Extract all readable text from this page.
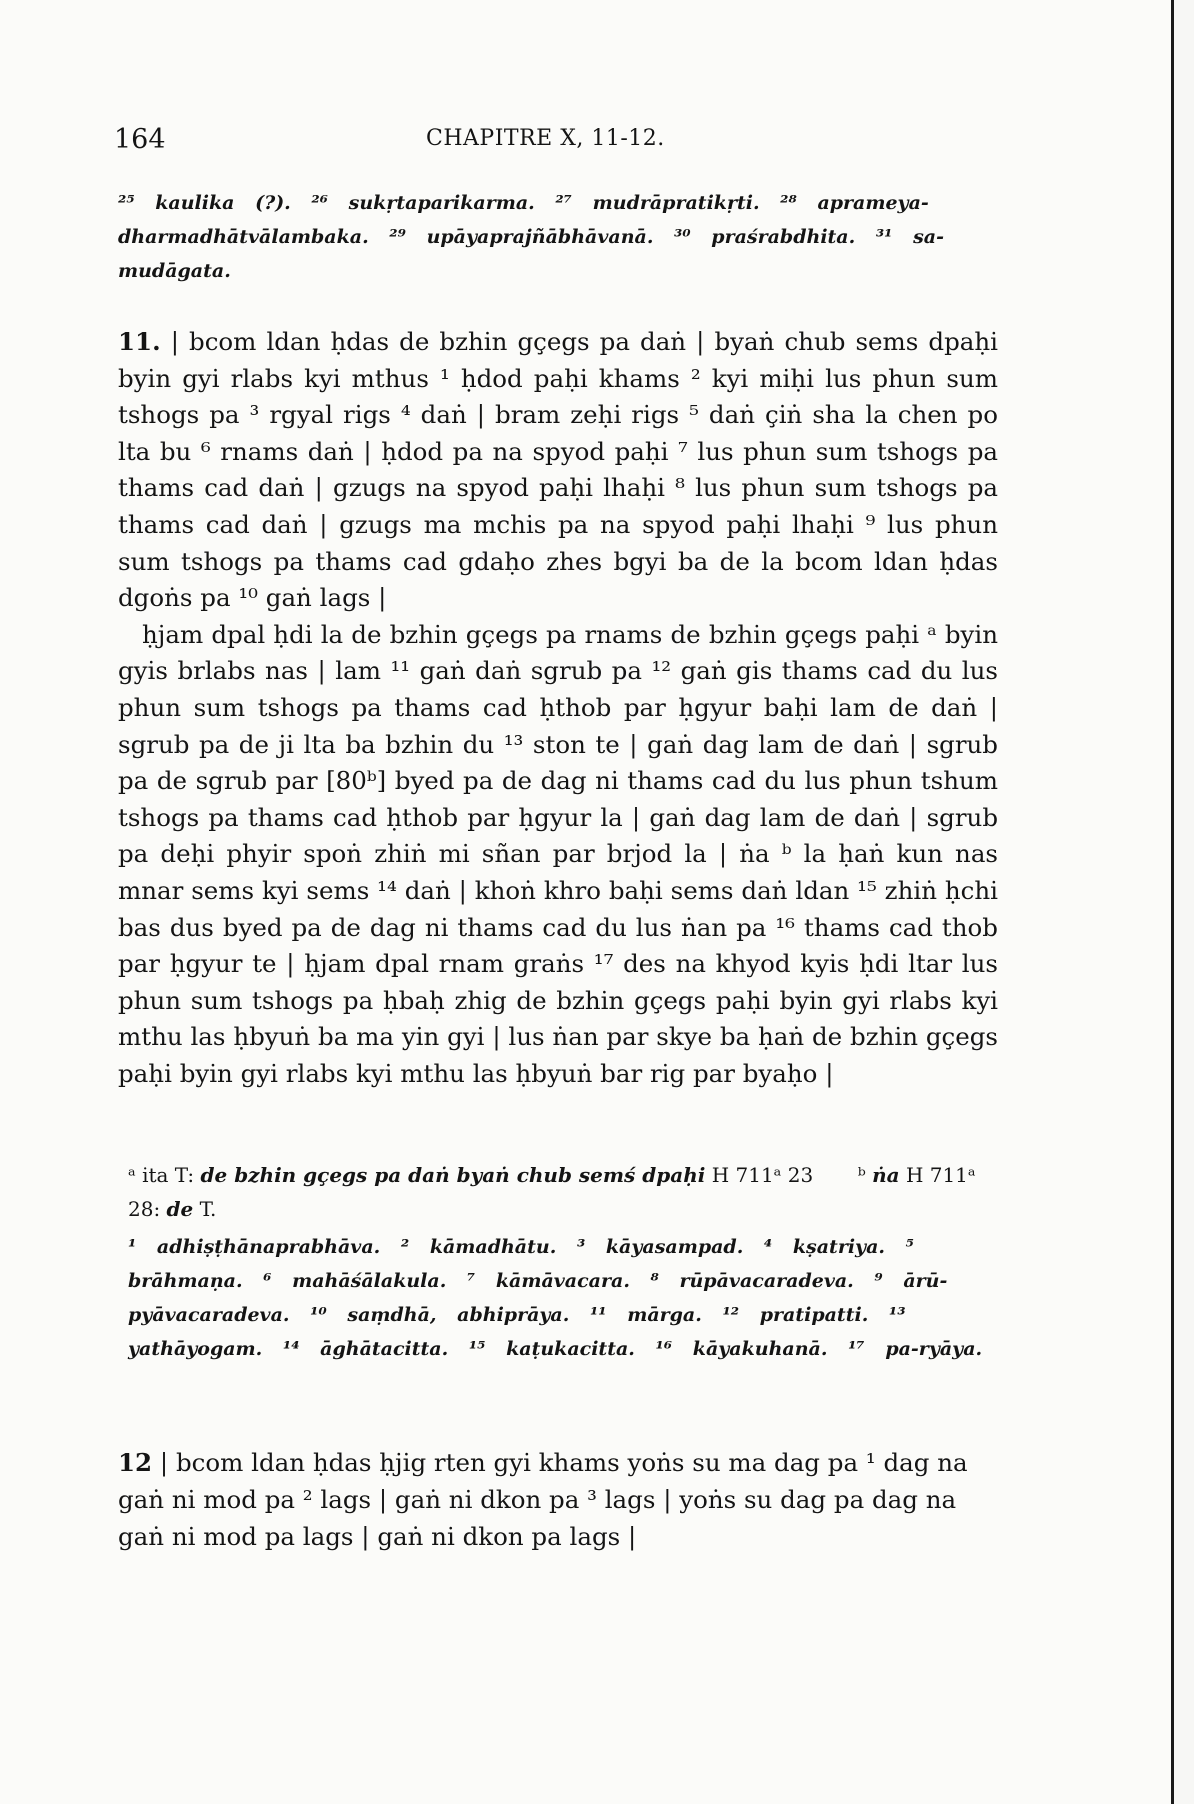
164	CHAPITRE X, 11-12.
²⁵ kaulika (?). ²⁶ sukṛtaparikarma. ²⁷ mudrāpratikṛti. ²⁸ aprameya-dharmadhātvālambaka. ²⁹ upāyaprajñābhāvanā. ³⁰ praśrabdhita. ³¹ sa-mudāgata.

11. | bcom ldan ḥdas de bzhin gçegs pa daṅ | byaṅ chub sems dpaḥi byin gyi rlabs kyi mthus ¹ ḥdod paḥi khams ² kyi miḥi lus phun sum tshogs pa ³ rgyal rigs ⁴ daṅ | bram zeḥi rigs ⁵ daṅ çiṅ sha la chen po lta bu ⁶ rnams daṅ | ḥdod pa na spyod paḥi ⁷ lus phun sum tshogs pa thams cad daṅ | gzugs na spyod paḥi lhaḥi ⁸ lus phun sum tshogs pa thams cad daṅ | gzugs ma mchis pa na spyod paḥi lhaḥi ⁹ lus phun sum tshogs pa thams cad gdaḥo zhes bgyi ba de la bcom ldan ḥdas dgoṅs pa ¹⁰ gaṅ lags |

ḥjam dpal ḥdi la de bzhin gçegs pa rnams de bzhin gçegs paḥi ᵃ byin gyis brlabs nas | lam ¹¹ gaṅ daṅ sgrub pa ¹² gaṅ gis thams cad du lus phun sum tshogs pa thams cad ḥthob par ḥgyur baḥi lam de daṅ | sgrub pa de ji lta ba bzhin du ¹³ ston te | gaṅ dag lam de daṅ | sgrub pa de sgrub par [80ᵇ] byed pa de dag ni thams cad du lus phun tshum tshogs pa thams cad ḥthob par ḥgyur la | gaṅ dag lam de daṅ | sgrub pa deḥi phyir spoṅ zhiṅ mi sñan par brjod la | ṅa ᵇ la ḥaṅ kun nas mnar sems kyi sems ¹⁴ daṅ | khoṅ khro baḥi sems daṅ ldan ¹⁵ zhiṅ ḥchi bas dus byed pa de dag ni thams cad du lus ṅan pa ¹⁶ thams cad thob par ḥgyur te | ḥjam dpal rnam graṅs ¹⁷ des na khyod kyis ḥdi ltar lus phun sum tshogs pa ḥbaḥ zhig de bzhin gçegs paḥi byin gyi rlabs kyi mthu las ḥbyuṅ ba ma yin gyi | lus ṅan par skye ba ḥaṅ de bzhin gçegs paḥi byin gyi rlabs kyi mthu las ḥbyuṅ bar rig par byaḥo |

ᵃ ita T: de bzhin gçegs pa daṅ byaṅ chub semś dpaḥi H 711ᵃ 23 ᵇ ṅa H 711ᵃ 28: de T.
¹ adhiṣṭhānaprabhāva. ² kāmadhātu. ³ kāyasampad. ⁴ kṣatriya. ⁵ brāhmaṇa. ⁶ mahāśālakula. ⁷ kāmāvacara. ⁸ rūpāvacaradeva. ⁹ ārū-pyāvacaradeva. ¹⁰ saṃdhā, abhiprāya. ¹¹ mārga. ¹² pratipatti. ¹³ yathāyogam. ¹⁴ āghātacitta. ¹⁵ kaṭukacitta. ¹⁶ kāyakuhanā. ¹⁷ pa-ryāya.
12 | bcom ldan ḥdas ḥjig rten gyi khams yoṅs su ma dag pa ¹ dag na gaṅ ni mod pa ² lags | gaṅ ni dkon pa ³ lags | yoṅs su dag pa dag na gaṅ ni mod pa lags | gaṅ ni dkon pa lags |
